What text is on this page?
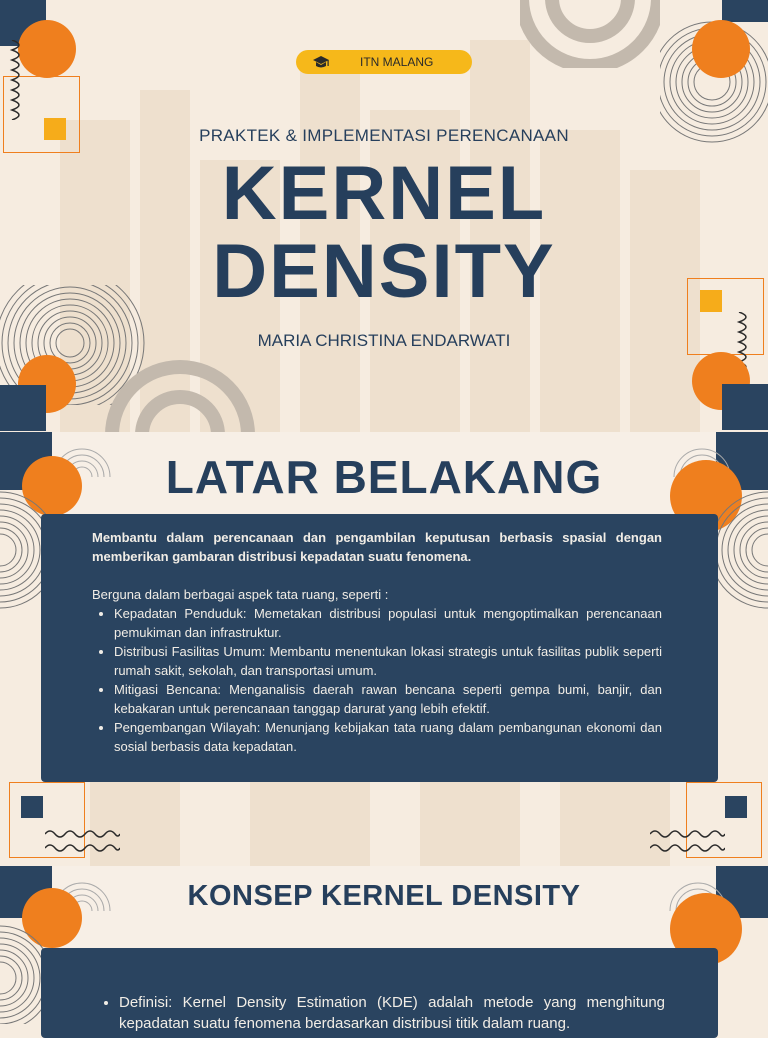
ITN MALANG
PRAKTEK & IMPLEMENTASI PERENCANAAN
KERNEL
DENSITY
MARIA CHRISTINA ENDARWATI
LATAR BELAKANG

Membantu dalam perencanaan dan pengambilan keputusan berbasis spasial dengan memberikan gambaran distribusi kepadatan suatu fenomena.

Berguna dalam berbagai aspek tata ruang, seperti :

• Kepadatan Penduduk: Memetakan distribusi populasi untuk mengoptimalkan perencanaan pemukiman dan infrastruktur.
• Distribusi Fasilitas Umum: Membantu menentukan lokasi strategis untuk fasilitas publik seperti rumah sakit, sekolah, dan transportasi umum.
• Mitigasi Bencana: Menganalisis daerah rawan bencana seperti gempa bumi, banjir, dan kebakaran untuk perencanaan tanggap darurat yang lebih efektif.
• Pengembangan Wilayah: Menunjang kebijakan tata ruang dalam pembangunan ekonomi dan sosial berbasis data kepadatan.
KONSEP KERNEL DENSITY
• Definisi: Kernel Density Estimation (KDE) adalah metode yang menghitung kepadatan suatu fenomena berdasarkan distribusi titik dalam ruang.
